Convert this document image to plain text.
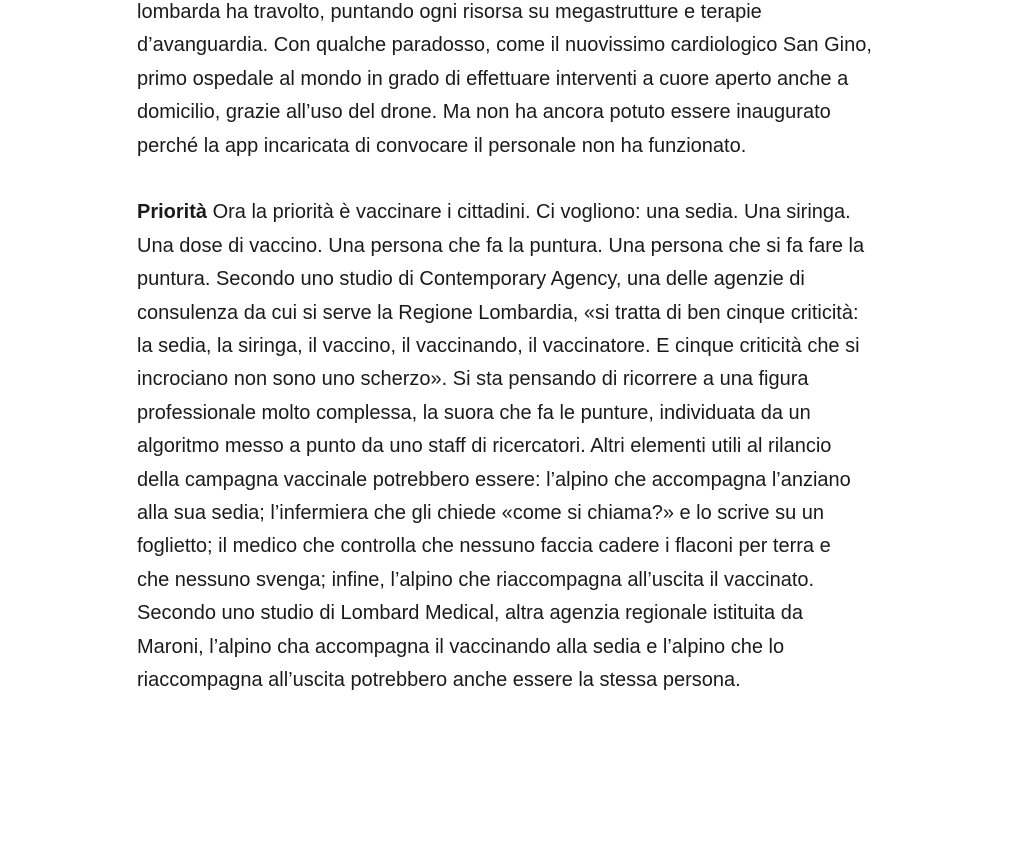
lombarda ha travolto, puntando ogni risorsa su megastrutture e terapie
d’avanguardia. Con qualche paradosso, come il nuovissimo cardiologico San Gino,
primo ospedale al mondo in grado di effettuare interventi a cuore aperto anche a
domicilio, grazie all’uso del drone. Ma non ha ancora potuto essere inaugurato
perché la app incaricata di convocare il personale non ha funzionato.
Priorità Ora la priorità è vaccinare i cittadini. Ci vogliono: una sedia. Una siringa.
Una dose di vaccino. Una persona che fa la puntura. Una persona che si fa fare la
puntura. Secondo uno studio di Contemporary Agency, una delle agenzie di
consulenza da cui si serve la Regione Lombardia, «si tratta di ben cinque criticità:
la sedia, la siringa, il vaccino, il vaccinando, il vaccinatore. E cinque criticità che si
incrociano non sono uno scherzo». Si sta pensando di ricorrere a una figura
professionale molto complessa, la suora che fa le punture, individuata da un
algoritmo messo a punto da uno staff di ricercatori. Altri elementi utili al rilancio
della campagna vaccinale potrebbero essere: l’alpino che accompagna l’anziano
alla sua sedia; l’infermiera che gli chiede «come si chiama?» e lo scrive su un
foglietto; il medico che controlla che nessuno faccia cadere i flaconi per terra e
che nessuno svenga; infine, l’alpino che riaccompagna all’uscita il vaccinato.
Secondo uno studio di Lombard Medical, altra agenzia regionale istituita da
Maroni, l’alpino cha accompagna il vaccinando alla sedia e l’alpino che lo
riaccompagna all’uscita potrebbero anche essere la stessa persona.
